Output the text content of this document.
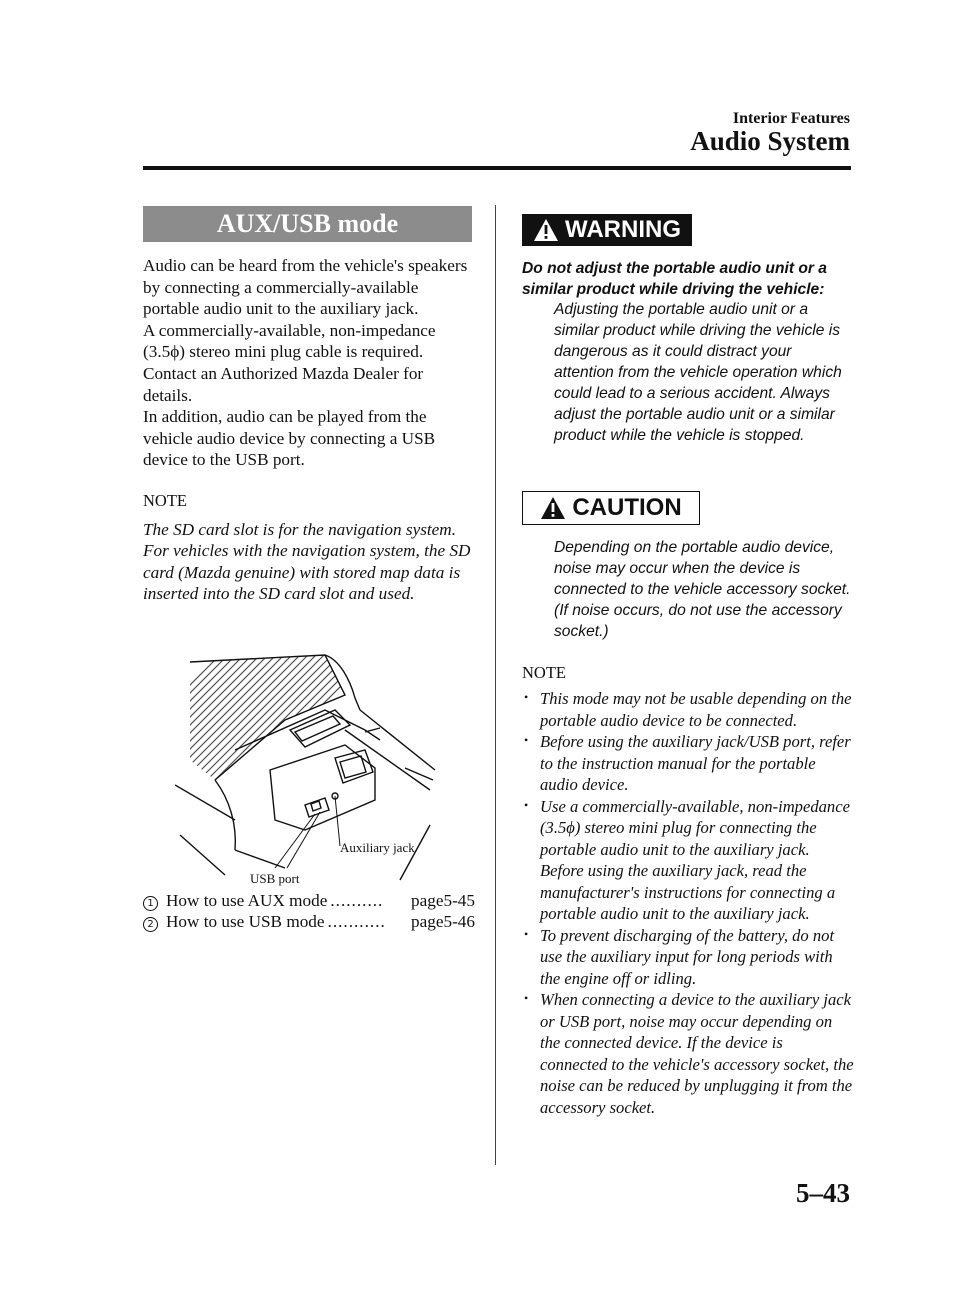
Interior Features
Audio System
AUX/USB mode

Audio can be heard from the vehicle's speakers by connecting a commercially-available portable audio unit to the auxiliary jack.

A commercially-available, non-impedance (3.5ϕ) stereo mini plug cable is required.

Contact an Authorized Mazda Dealer for details.

In addition, audio can be played from the vehicle audio device by connecting a USB device to the USB port.

NOTE

The SD card slot is for the navigation system. For vehicles with the navigation system, the SD card (Mazda genuine) with stored map data is inserted into the SD card slot and used.

Auxiliary jack
USB port
1 How to use AUX mode ..........	page5-45
2 How to use USB mode ...........	page5-46
WARNING
Do not adjust the portable audio unit or a similar product while driving the vehicle:
Adjusting the portable audio unit or a similar product while driving the vehicle is dangerous as it could distract your attention from the vehicle operation which could lead to a serious accident. Always adjust the portable audio unit or a similar product while the vehicle is stopped.
CAUTION
Depending on the portable audio device, noise may occur when the device is connected to the vehicle accessory socket. (If noise occurs, do not use the accessory socket.)
NOTE
• This mode may not be usable depending on the portable audio device to be connected.
• Before using the auxiliary jack/USB port, refer to the instruction manual for the portable audio device.
• Use a commercially-available, non-impedance (3.5ϕ) stereo mini plug for connecting the portable audio unit to the auxiliary jack. Before using the auxiliary jack, read the manufacturer's instructions for connecting a portable audio unit to the auxiliary jack.
• To prevent discharging of the battery, do not use the auxiliary input for long periods with the engine off or idling.
• When connecting a device to the auxiliary jack or USB port, noise may occur depending on the connected device. If the device is connected to the vehicle's accessory socket, the noise can be reduced by unplugging it from the accessory socket.
5–43
